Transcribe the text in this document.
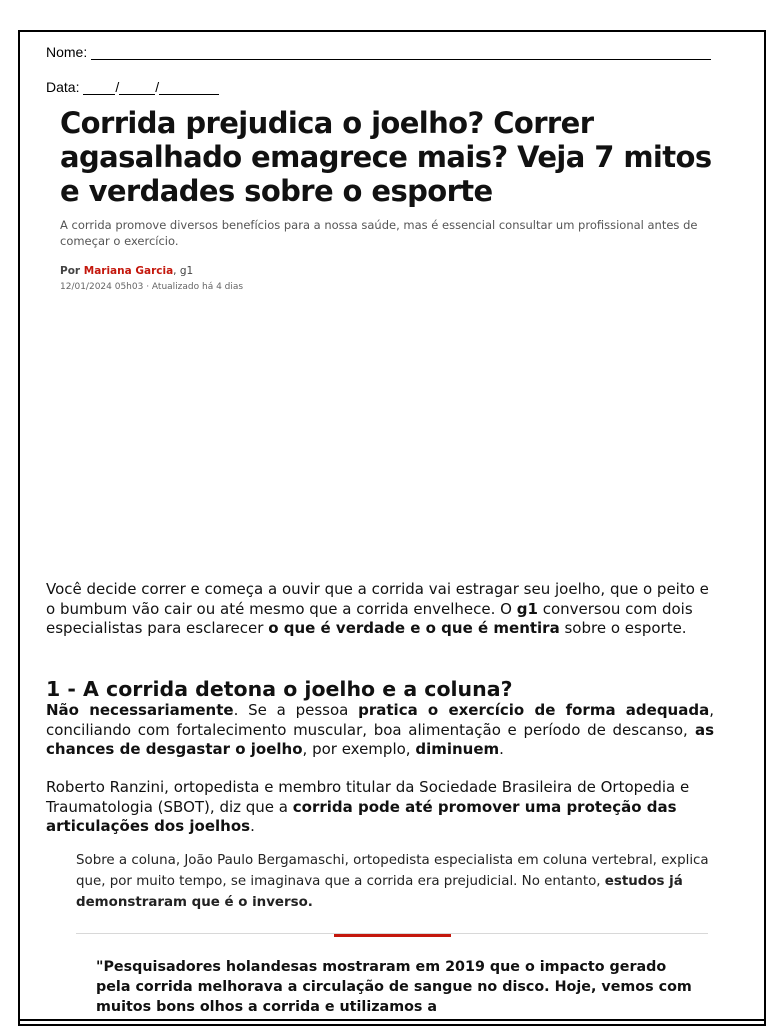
Nome:
Data:	/	/
Corrida prejudica o joelho? Correr agasalhado emagrece mais? Veja 7 mitos e verdades sobre o esporte

A corrida promove diversos benefícios para a nossa saúde, mas é essencial consultar um profissional antes de começar o exercício.

Por Mariana Garcia, g1
12/01/2024 05h03 · Atualizado há 4 dias

Você decide correr e começa a ouvir que a corrida vai estragar seu joelho, que o peito e o bumbum vão cair ou até mesmo que a corrida envelhece. O g1 conversou com dois especialistas para esclarecer o que é verdade e o que é mentira sobre o esporte.

1 - A corrida detona o joelho e a coluna?

Não necessariamente. Se a pessoa pratica o exercício de forma adequada, conciliando com fortalecimento muscular, boa alimentação e período de descanso, as chances de desgastar o joelho, por exemplo, diminuem.

Roberto Ranzini, ortopedista e membro titular da Sociedade Brasileira de Ortopedia e Traumatologia (SBOT), diz que a corrida pode até promover uma proteção das articulações dos joelhos.

Sobre a coluna, João Paulo Bergamaschi, ortopedista especialista em coluna vertebral, explica que, por muito tempo, se imaginava que a corrida era prejudicial. No entanto, estudos já demonstraram que é o inverso.

"Pesquisadores holandesas mostraram em 2019 que o impacto gerado pela corrida melhorava a circulação de sangue no disco. Hoje, vemos com muitos bons olhos a corrida e utilizamos a
